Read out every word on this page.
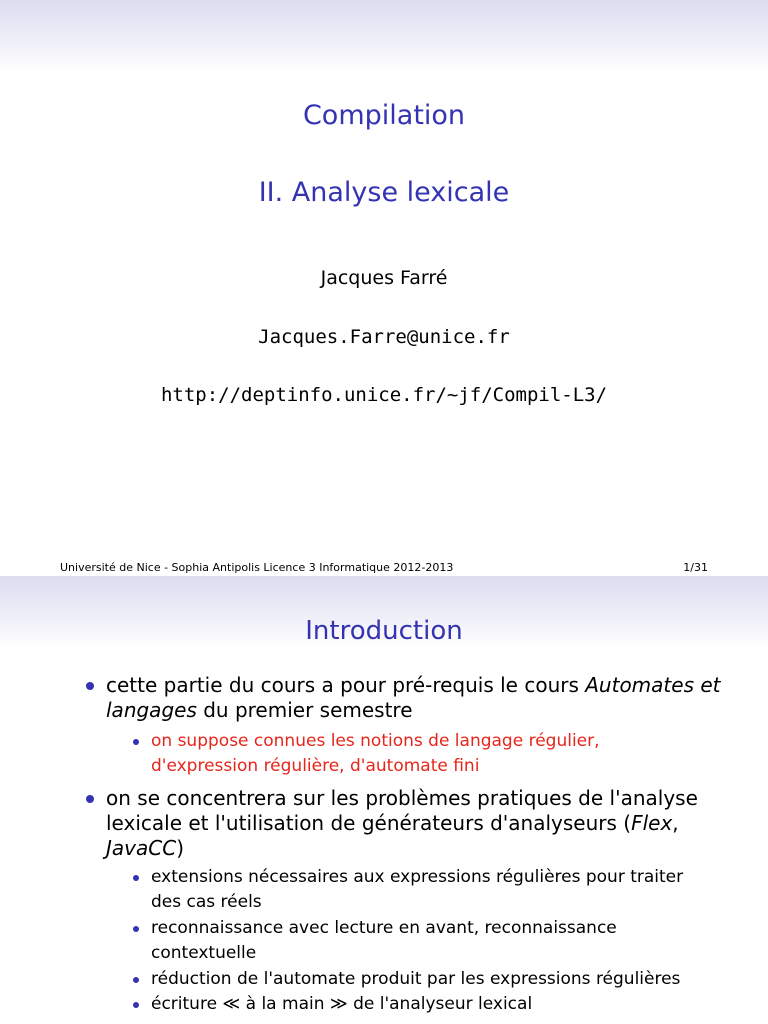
Compilation
II. Analyse lexicale
Jacques Farré
Jacques.Farre@unice.fr
http://deptinfo.unice.fr/~jf/Compil-L3/
Université de Nice - Sophia Antipolis Licence 3 Informatique 2012-2013	1/31
Introduction
cette partie du cours a pour pré-requis le cours Automates et
langages du premier semestre
on suppose connues les notions de langage régulier,
d'expression régulière, d'automate fini
on se concentrera sur les problèmes pratiques de l'analyse
lexicale et l'utilisation de générateurs d'analyseurs (Flex,
JavaCC)
extensions nécessaires aux expressions régulières pour traiter
des cas réels
reconnaissance avec lecture en avant, reconnaissance
contextuelle
réduction de l'automate produit par les expressions régulières
écriture ≪ à la main ≫ de l'analyseur lexical
